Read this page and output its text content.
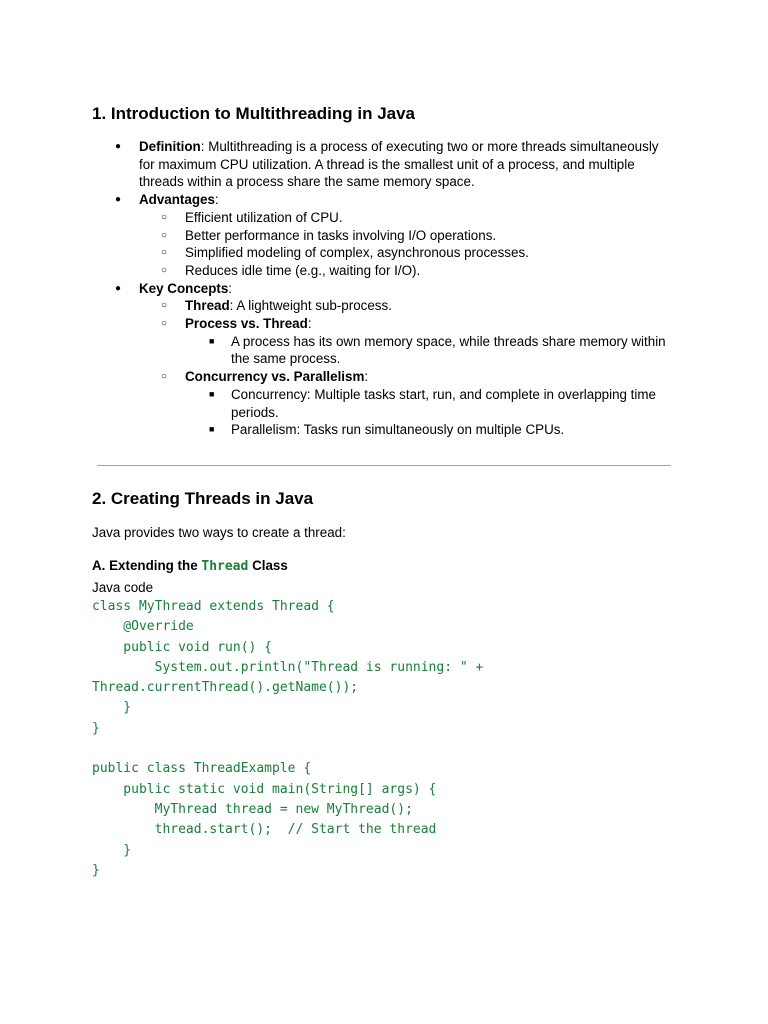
1. Introduction to Multithreading in Java
● Definition: Multithreading is a process of executing two or more threads simultaneously for maximum CPU utilization. A thread is the smallest unit of a process, and multiple threads within a process share the same memory space.
● Advantages:
○ Efficient utilization of CPU.
○ Better performance in tasks involving I/O operations.
○ Simplified modeling of complex, asynchronous processes.
○ Reduces idle time (e.g., waiting for I/O).
● Key Concepts:
○ Thread: A lightweight sub-process.
○ Process vs. Thread:
■ A process has its own memory space, while threads share memory within the same process.
○ Concurrency vs. Parallelism:
■ Concurrency: Multiple tasks start, run, and complete in overlapping time periods.
■ Parallelism: Tasks run simultaneously on multiple CPUs.
2. Creating Threads in Java

Java provides two ways to create a thread:

A. Extending the Thread Class

Java code

class MyThread extends Thread {
@Override
public void run() {
System.out.println("Thread is running: " +
Thread.currentThread().getName());
}
}

public class ThreadExample {
public static void main(String[] args) {
MyThread thread = new MyThread();
thread.start();  // Start the thread
}
}
